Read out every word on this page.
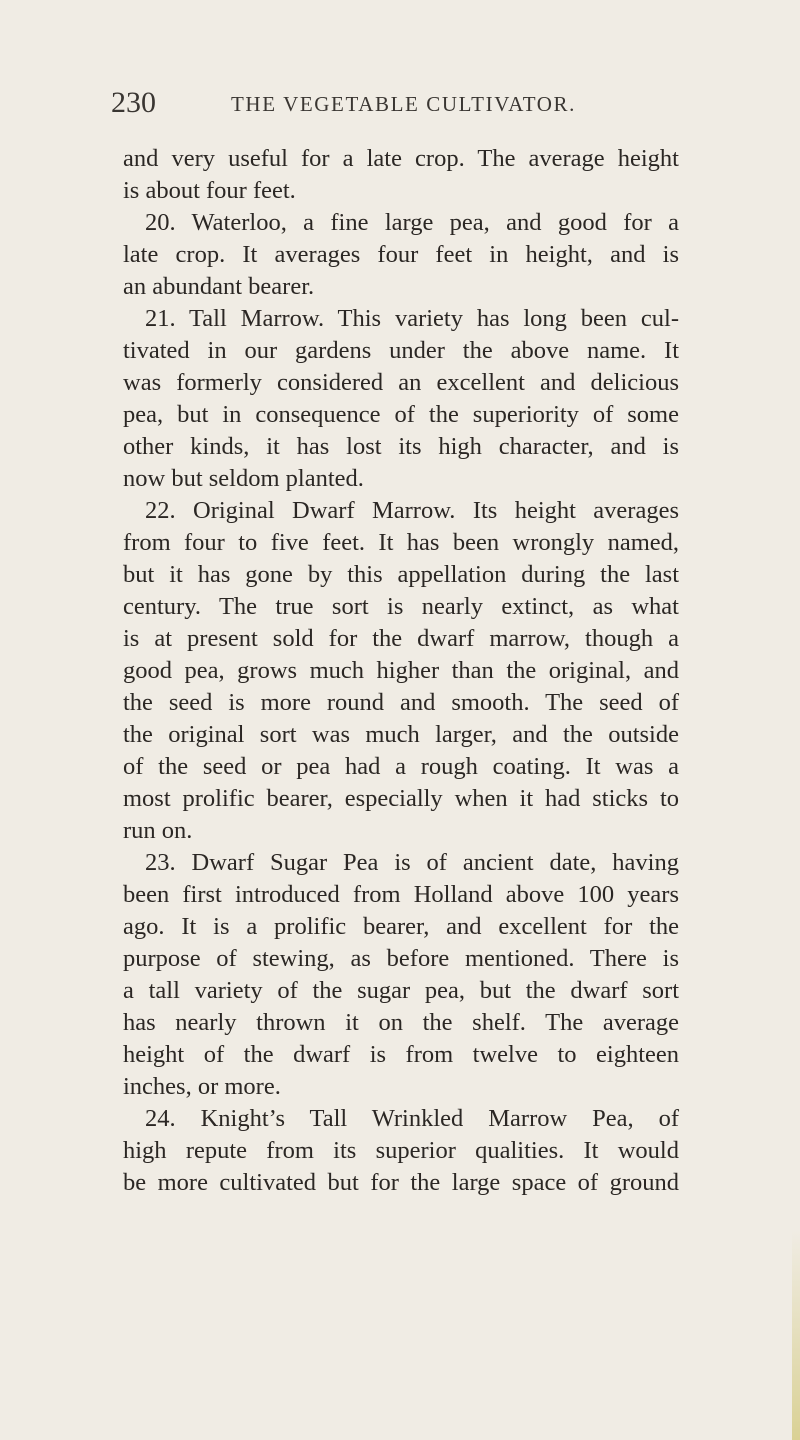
230	THE VEGETABLE CULTIVATOR.
and very useful for a late crop. The average height
is about four feet.
20. Waterloo, a fine large pea, and good for a
late crop. It averages four feet in height, and is
an abundant bearer.
21. Tall Marrow. This variety has long been cul-
tivated in our gardens under the above name. It
was formerly considered an excellent and delicious
pea, but in consequence of the superiority of some
other kinds, it has lost its high character, and is
now but seldom planted.
22. Original Dwarf Marrow. Its height averages
from four to five feet. It has been wrongly named,
but it has gone by this appellation during the last
century. The true sort is nearly extinct, as what
is at present sold for the dwarf marrow, though a
good pea, grows much higher than the original, and
the seed is more round and smooth. The seed of
the original sort was much larger, and the outside
of the seed or pea had a rough coating. It was a
most prolific bearer, especially when it had sticks to
run on.
23. Dwarf Sugar Pea is of ancient date, having
been first introduced from Holland above 100 years
ago. It is a prolific bearer, and excellent for the
purpose of stewing, as before mentioned. There is
a tall variety of the sugar pea, but the dwarf sort
has nearly thrown it on the shelf. The average
height of the dwarf is from twelve to eighteen
inches, or more.
24. Knight’s Tall Wrinkled Marrow Pea, of
high repute from its superior qualities. It would
be more cultivated but for the large space of ground
